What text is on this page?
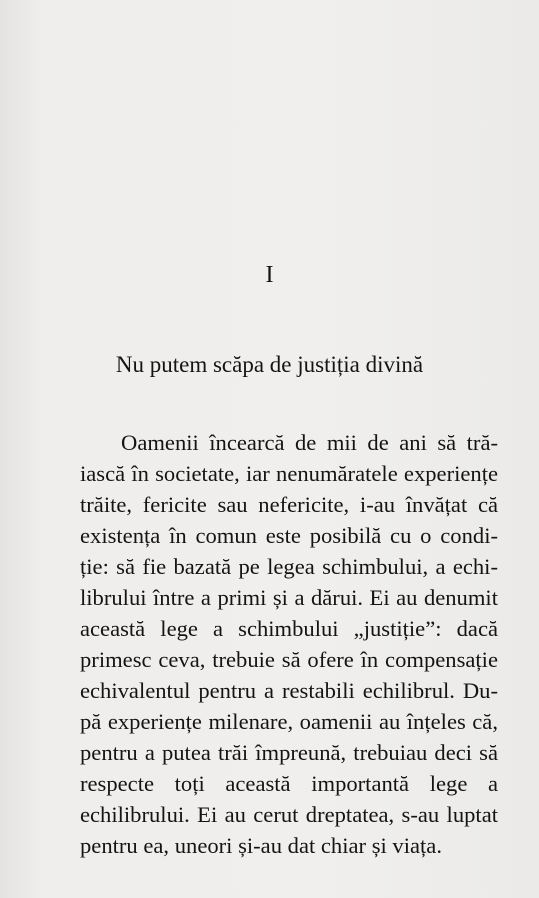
I
Nu putem scăpa de justiția divină
Oamenii încearcă de mii de ani să tră-
iască în societate, iar nenumăratele experiențe
trăite, fericite sau nefericite, i-au învățat că
existența în comun este posibilă cu o condi-
ție: să fie bazată pe legea schimbului, a echi-
librului între a primi și a dărui. Ei au denumit
această lege a schimbului „justiție”: dacă
primesc ceva, trebuie să ofere în compensație
echivalentul pentru a restabili echilibrul. Du-
pă experiențe milenare, oamenii au înțeles că,
pentru a putea trăi împreună, trebuiau deci să
respecte toți această importantă lege a
echilibrului. Ei au cerut dreptatea, s-au luptat
pentru ea, uneori și-au dat chiar și viața.
